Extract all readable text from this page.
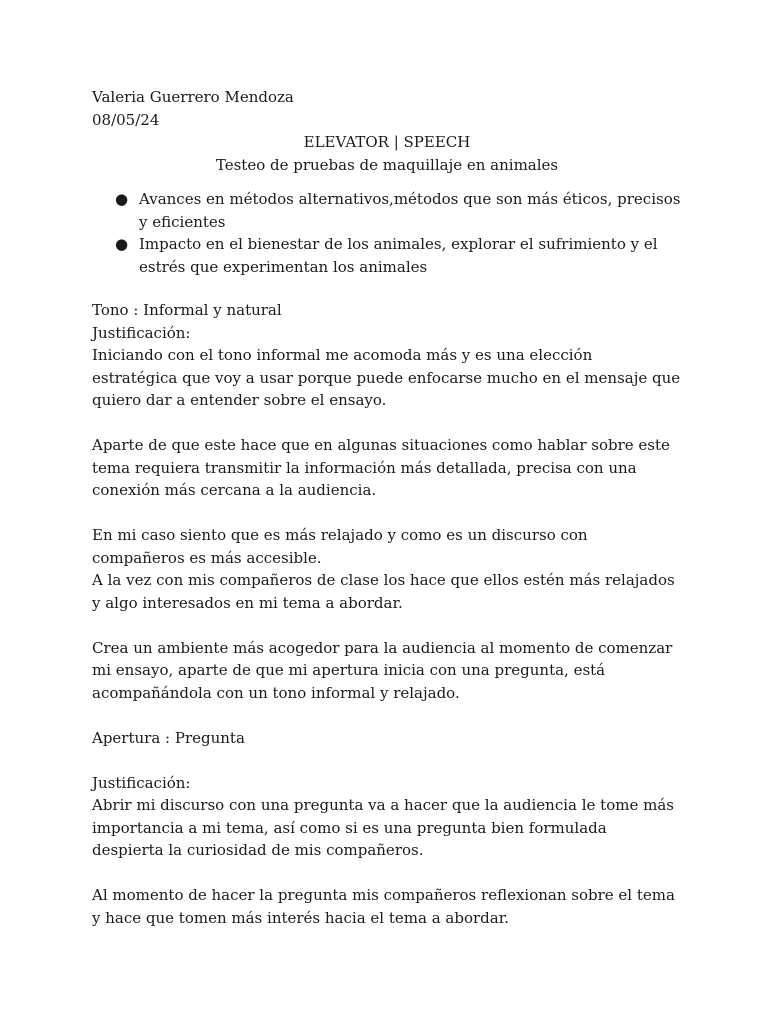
Valeria Guerrero Mendoza
08/05/24
ELEVATOR | SPEECH
Testeo de pruebas de maquillaje en animales
● Avances en métodos alternativos,métodos que son más éticos, precisos y eficientes
● Impacto en el bienestar de los animales, explorar el sufrimiento y el estrés que experimentan los animales
Tono : Informal y natural
Justificación:

Iniciando con el tono informal me acomoda más y es una elección estratégica que voy a usar porque puede enfocarse mucho en el mensaje que quiero dar a entender sobre el ensayo.

Aparte de que este hace que en algunas situaciones como hablar sobre este tema requiera transmitir la información más detallada, precisa con una conexión más cercana a la audiencia.

En mi caso siento que es más relajado y como es un discurso con compañeros es más accesible.

A la vez con mis compañeros de clase los hace que ellos estén más relajados y algo interesados en mi tema a abordar.

Crea un ambiente más acogedor para la audiencia al momento de comenzar mi ensayo, aparte de que mi apertura inicia con una pregunta, está acompañándola con un tono informal y relajado.

Apertura : Pregunta
Justificación:

Abrir mi discurso con una pregunta va a hacer que la audiencia le tome más importancia a mi tema, así como si es una pregunta bien formulada despierta la curiosidad de mis compañeros.

Al momento de hacer la pregunta mis compañeros reflexionan sobre el tema y hace que tomen más interés hacia el tema a abordar.
